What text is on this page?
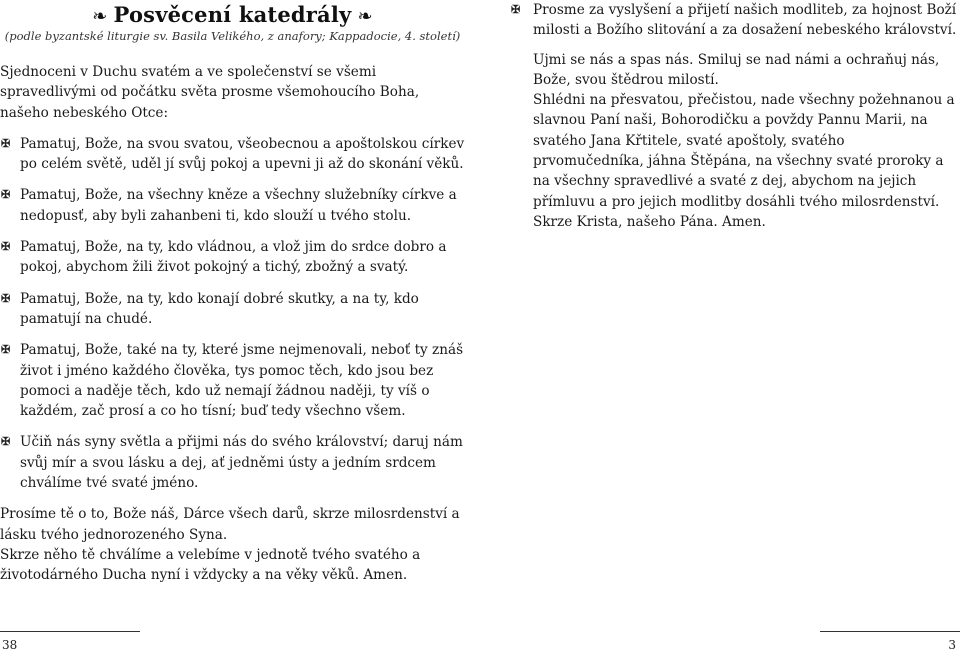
❧ Posvěcení katedrály ❧
(podle byzantské liturgie sv. Basila Velikého, z anafory; Kappadocie, 4. století)

Sjednoceni v Duchu svatém a ve společenství se všemi spravedlivými od počátku světa prosme všemohoucího Boha, našeho nebeského Otce:

✠ Pamatuj, Bože, na svou svatou, všeobecnou a apoštolskou církev po celém světě, uděl jí svůj pokoj a upevni ji až do skonání věků.

✠ Pamatuj, Bože, na všechny kněze a všechny služebníky církve a nedopusť, aby byli zahanbeni ti, kdo slouží u tvého stolu.

✠ Pamatuj, Bože, na ty, kdo vládnou, a vlož jim do srdce dobro a pokoj, abychom žili život pokojný a tichý, zbožný a svatý.

✠ Pamatuj, Bože, na ty, kdo konají dobré skutky, a na ty, kdo pamatují na chudé.

✠ Pamatuj, Bože, také na ty, které jsme nejmenovali, neboť ty znáš život i jméno každého člověka, tys pomoc těch, kdo jsou bez pomoci a naděje těch, kdo už nemají žádnou naději, ty víš o každém, zač prosí a co ho tísní; buď tedy všechno všem.

✠ Učiň nás syny světla a přijmi nás do svého království; daruj nám svůj mír a svou lásku a dej, ať jedněmi ústy a jedním srdcem chválíme tvé svaté jméno.

Prosíme tě o to, Bože náš, Dárce všech darů, skrze milosrdenství a lásku tvého jednorozeného Syna.

Skrze něho tě chválíme a velebíme v jednotě tvého svatého a životodárného Ducha nyní i vždycky a na věky věků. Amen.

✠ Prosme za vyslyšení a přijetí našich modliteb, za hojnost Boží milosti a Božího slitování a za dosažení nebeského království.

Ujmi se nás a spas nás. Smiluj se nad námi a ochraňuj nás, Bože, svou štědrou milostí.

Shlédni na přesvatou, přečistou, nade všechny požehnanou a slavnou Paní naši, Bohorodičku a povždy Pannu Marii, na svatého Jana Křtitele, svaté apoštoly, svatého prvomučedníka, jáhna Štěpána, na všechny svaté proroky a na všechny spravedlivé a svaté z dej, abychom na jejich přímluvu a pro jejich modlitby dosáhli tvého milosrdenství. Skrze Krista, našeho Pána. Amen.

38	3
